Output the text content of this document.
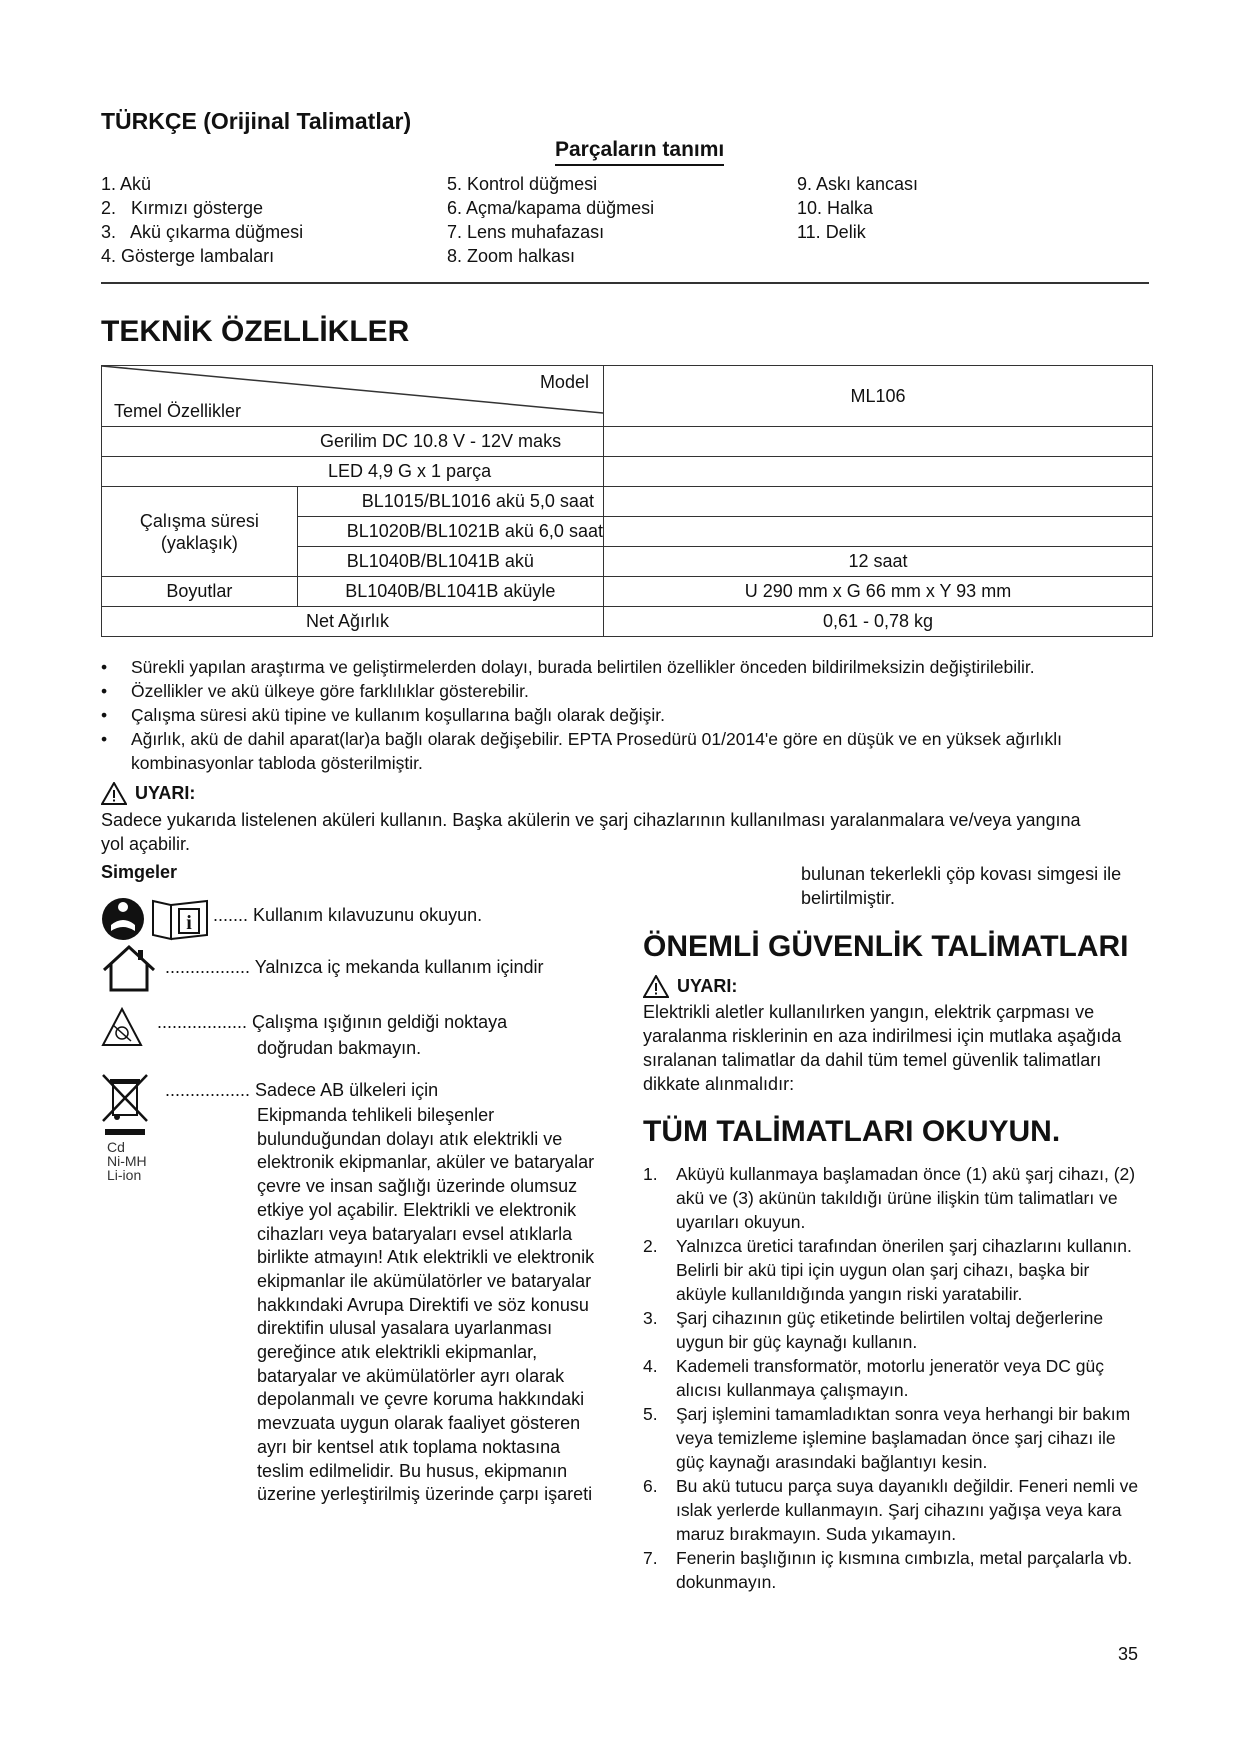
TÜRKÇE (Orijinal Talimatlar)
Parçaların tanımı
1. Akü
2.   Kırmızı gösterge
3.   Akü çıkarma düğmesi
4. Gösterge lambaları
5. Kontrol düğmesi
6. Açma/kapama düğmesi
7. Lens muhafazası
8. Zoom halkası
9. Askı kancası
10. Halka
11. Delik
TEKNİK ÖZELLİKLER
Model
Temel Özellikler		ML106

Gerilim DC 10.8 V - 12V maks		

LED 4,9 G x 1 parça		

Çalışma süresi (yaklaşık)	BL1015/BL1016 akü 5,0 saat	
	BL1020B/BL1021B akü 6,0 saat	
	BL1040B/BL1041B akü	12 saat
Boyutlar	BL1040B/BL1041B aküyle	U 290 mm x G 66 mm x Y 93 mm

Net Ağırlık		0,61 - 0,78 kg
• Sürekli yapılan araştırma ve geliştirmelerden dolayı, burada belirtilen özellikler önceden bildirilmeksizin değiştirilebilir.
• Özellikler ve akü ülkeye göre farklılıklar gösterebilir.
• Çalışma süresi akü tipine ve kullanım koşullarına bağlı olarak değişir.
• Ağırlık, akü de dahil aparat(lar)a bağlı olarak değişebilir. EPTA Prosedürü 01/2014'e göre en düşük ve en yüksek ağırlıklı kombinasyonlar tabloda gösterilmiştir.
UYARI:
Sadece yukarıda listelenen aküleri kullanın. Başka akülerin ve şarj cihazlarının kullanılması yaralanmalara ve/veya yangına yol açabilir.
Simgeler
i ....... Kullanım kılavuzunu okuyun.
................. Yalnızca iç mekanda kullanım içindir
.................. Çalışma ışığının geldiği noktaya
doğrudan bakmayın.
Cd
Ni-MH
Li-ion
................. Sadece AB ülkeleri için
Ekipmanda tehlikeli bileşenler bulunduğundan dolayı atık elektrikli ve elektronik ekipmanlar, aküler ve bataryalar çevre ve insan sağlığı üzerinde olumsuz etkiye yol açabilir. Elektrikli ve elektronik cihazları veya bataryaları evsel atıklarla birlikte atmayın! Atık elektrikli ve elektronik ekipmanlar ile akümülatörler ve bataryalar hakkındaki Avrupa Direktifi ve söz konusu direktifin ulusal yasalara uyarlanması gereğince atık elektrikli ekipmanlar, bataryalar ve akümülatörler ayrı olarak depolanmalı ve çevre koruma hakkındaki mevzuata uygun olarak faaliyet gösteren ayrı bir kentsel atık toplama noktasına teslim edilmelidir. Bu husus, ekipmanın üzerine yerleştirilmiş üzerinde çarpı işareti
bulunan tekerlekli çöp kovası simgesi ile belirtilmiştir.
ÖNEMLİ GÜVENLİK TALİMATLARI
UYARI:
Elektrikli aletler kullanılırken yangın, elektrik çarpması ve yaralanma risklerinin en aza indirilmesi için mutlaka aşağıda sıralanan talimatlar da dahil tüm temel güvenlik talimatları dikkate alınmalıdır:
TÜM TALİMATLARI OKUYUN.
1. Aküyü kullanmaya başlamadan önce (1) akü şarj cihazı, (2) akü ve (3) akünün takıldığı ürüne ilişkin tüm talimatları ve uyarıları okuyun.
2. Yalnızca üretici tarafından önerilen şarj cihazlarını kullanın. Belirli bir akü tipi için uygun olan şarj cihazı, başka bir aküyle kullanıldığında yangın riski yaratabilir.
3. Şarj cihazının güç etiketinde belirtilen voltaj değerlerine uygun bir güç kaynağı kullanın.
4. Kademeli transformatör, motorlu jeneratör veya DC güç alıcısı kullanmaya çalışmayın.
5. Şarj işlemini tamamladıktan sonra veya herhangi bir bakım veya temizleme işlemine başlamadan önce şarj cihazı ile güç kaynağı arasındaki bağlantıyı kesin.
6. Bu akü tutucu parça suya dayanıklı değildir. Feneri nemli ve ıslak yerlerde kullanmayın. Şarj cihazını yağışa veya kara maruz bırakmayın. Suda yıkamayın.
7. Fenerin başlığının iç kısmına cımbızla, metal parçalarla vb. dokunmayın.
35
